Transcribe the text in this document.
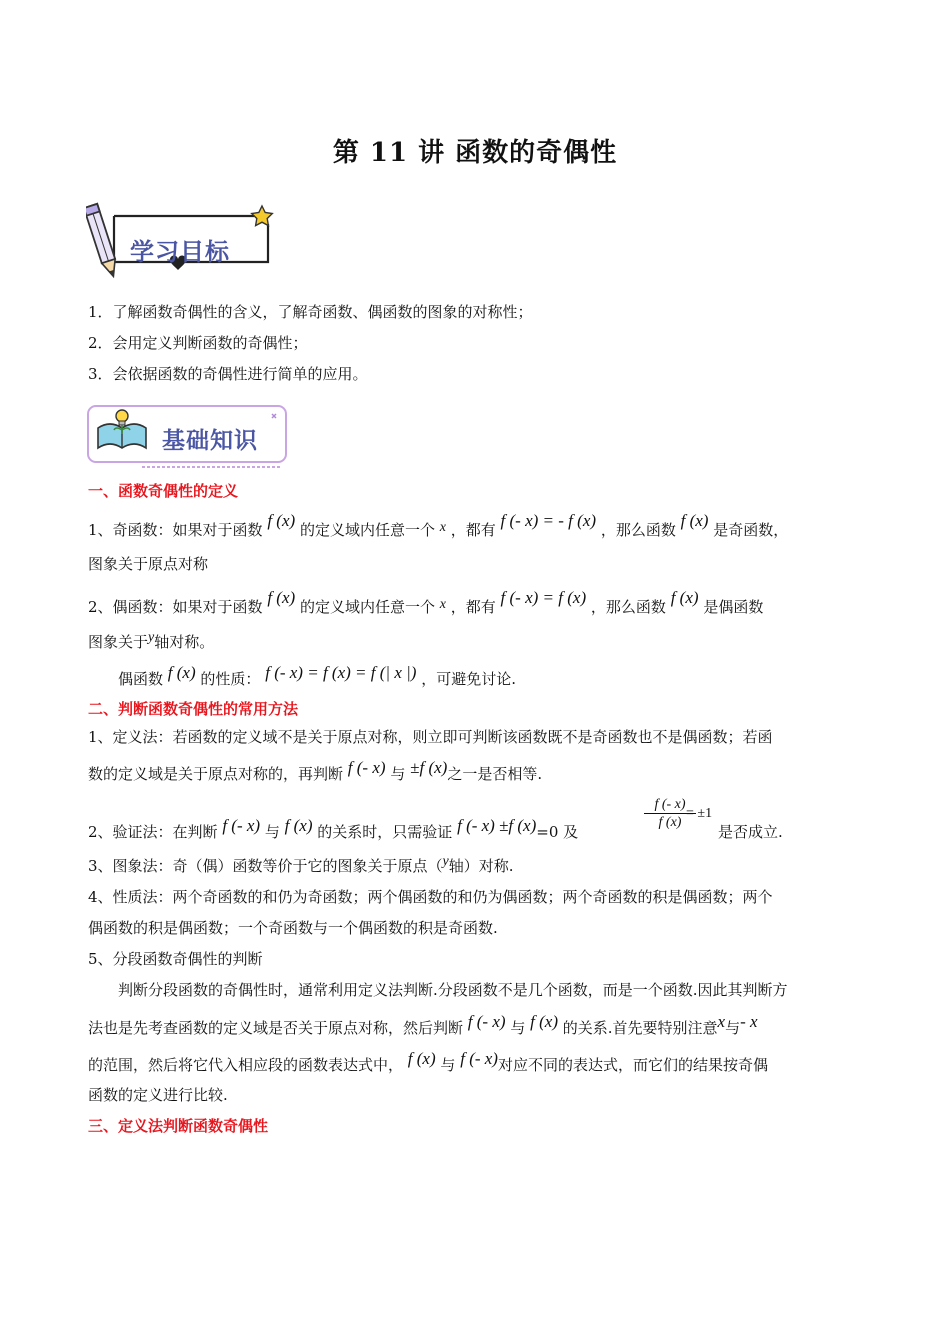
第 11 讲 函数的奇偶性
学习目标
1．了解函数奇偶性的含义，了解奇函数、偶函数的图象的对称性；
2．会用定义判断函数的奇偶性；
3．会依据函数的奇偶性进行简单的应用。
基础知识
一、函数奇偶性的定义
1、奇函数：如果对于函数 f (x) 的定义域内任意一个 x ，都有 f (- x) = - f (x) ，那么函数 f (x) 是奇函数，
图象关于原点对称
2、偶函数：如果对于函数 f (x) 的定义域内任意一个 x ，都有 f (- x) = f (x) ，那么函数 f (x) 是偶函数
图象关于y轴对称。
偶函数 f (x) 的性质： f (- x) = f (x) = f (| x |) ，可避免讨论.
二、判断函数奇偶性的常用方法
1、定义法：若函数的定义域不是关于原点对称，则立即可判断该函数既不是奇函数也不是偶函数；若函
数的定义域是关于原点对称的，再判断 f (- x) 与 ±f (x)之一是否相等.
2、验证法：在判断 f (- x) 与 f (x) 的关系时，只需验证 f (- x) ±f (x)=0 及
f (- x)
f (x)
= ±1
是否成立.
3、图象法：奇（偶）函数等价于它的图象关于原点（y轴）对称.
4、性质法：两个奇函数的和仍为奇函数；两个偶函数的和仍为偶函数；两个奇函数的积是偶函数；两个
偶函数的积是偶函数；一个奇函数与一个偶函数的积是奇函数.
5、分段函数奇偶性的判断
判断分段函数的奇偶性时，通常利用定义法判断.分段函数不是几个函数，而是一个函数.因此其判断方
法也是先考查函数的定义域是否关于原点对称，然后判断 f (- x) 与 f (x) 的关系.首先要特别注意x与- x
的范围，然后将它代入相应段的函数表达式中， f (x) 与 f (- x)对应不同的表达式，而它们的结果按奇偶
函数的定义进行比较.
三、定义法判断函数奇偶性
